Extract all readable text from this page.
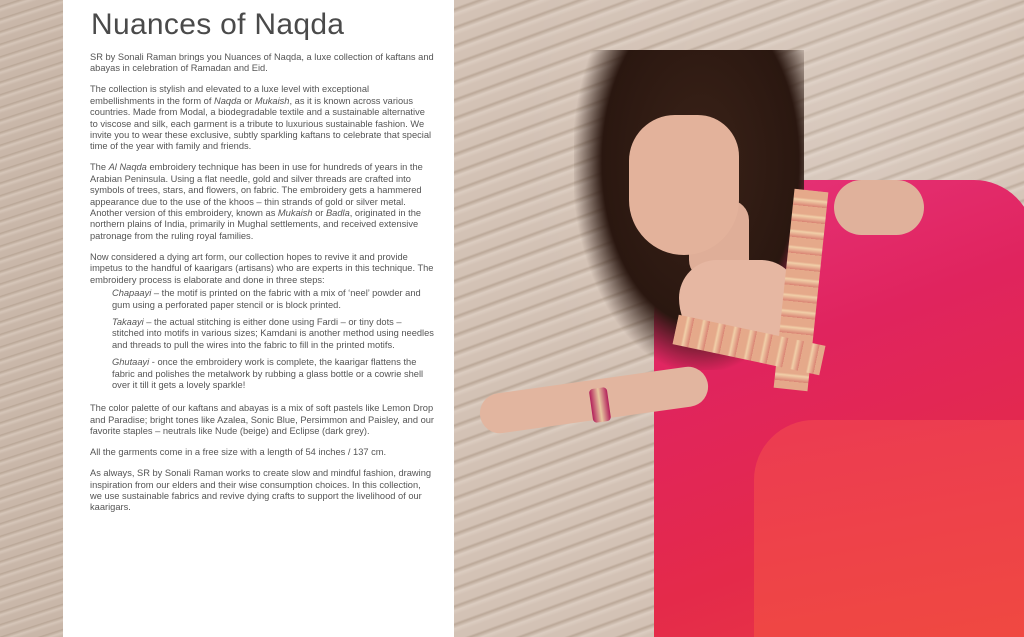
Nuances of Naqda

SR by Sonali Raman brings you Nuances of Naqda, a luxe collection of kaftans and abayas in celebration of Ramadan and Eid.

The collection is stylish and elevated to a luxe level with exceptional embellishments in the form of Naqda or Mukaish, as it is known across various countries. Made from Modal, a biodegradable textile and a sustainable alternative to viscose and silk, each garment is a tribute to luxurious sustainable fashion. We invite you to wear these exclusive, subtly sparkling kaftans to celebrate that special time of the year with family and friends.

The Al Naqda embroidery technique has been in use for hundreds of years in the Arabian Peninsula. Using a flat needle, gold and silver threads are crafted into symbols of trees, stars, and flowers, on fabric. The embroidery gets a hammered appearance due to the use of the khoos – thin strands of gold or silver metal. Another version of this embroidery, known as Mukaish or Badla, originated in the northern plains of India, primarily in Mughal settlements, and received extensive patronage from the ruling royal families.

Now considered a dying art form, our collection hopes to revive it and provide impetus to the handful of kaarigars (artisans) who are experts in this technique. The embroidery process is elaborate and done in three steps:

Chapaayi – the motif is printed on the fabric with a mix of ‘neel’ powder and gum using a perforated paper stencil or is block printed.
Takaayi – the actual stitching is either done using Fardi – or tiny dots – stitched into motifs in various sizes; Kamdani is another method using needles and threads to pull the wires into the fabric to fill in the printed motifs.
Ghutaayi - once the embroidery work is complete, the kaarigar flattens the fabric and polishes the metalwork by rubbing a glass bottle or a cowrie shell over it till it gets a lovely sparkle!

The color palette of our kaftans and abayas is a mix of soft pastels like Lemon Drop and Paradise; bright tones like Azalea, Sonic Blue, Persimmon and Paisley, and our favorite staples – neutrals like Nude (beige) and Eclipse (dark grey).

All the garments come in a free size with a length of 54 inches / 137 cm.

As always, SR by Sonali Raman works to create slow and mindful fashion, drawing inspiration from our elders and their wise consumption choices. In this collection, we use sustainable fabrics and revive dying crafts to support the livelihood of our kaarigars.
